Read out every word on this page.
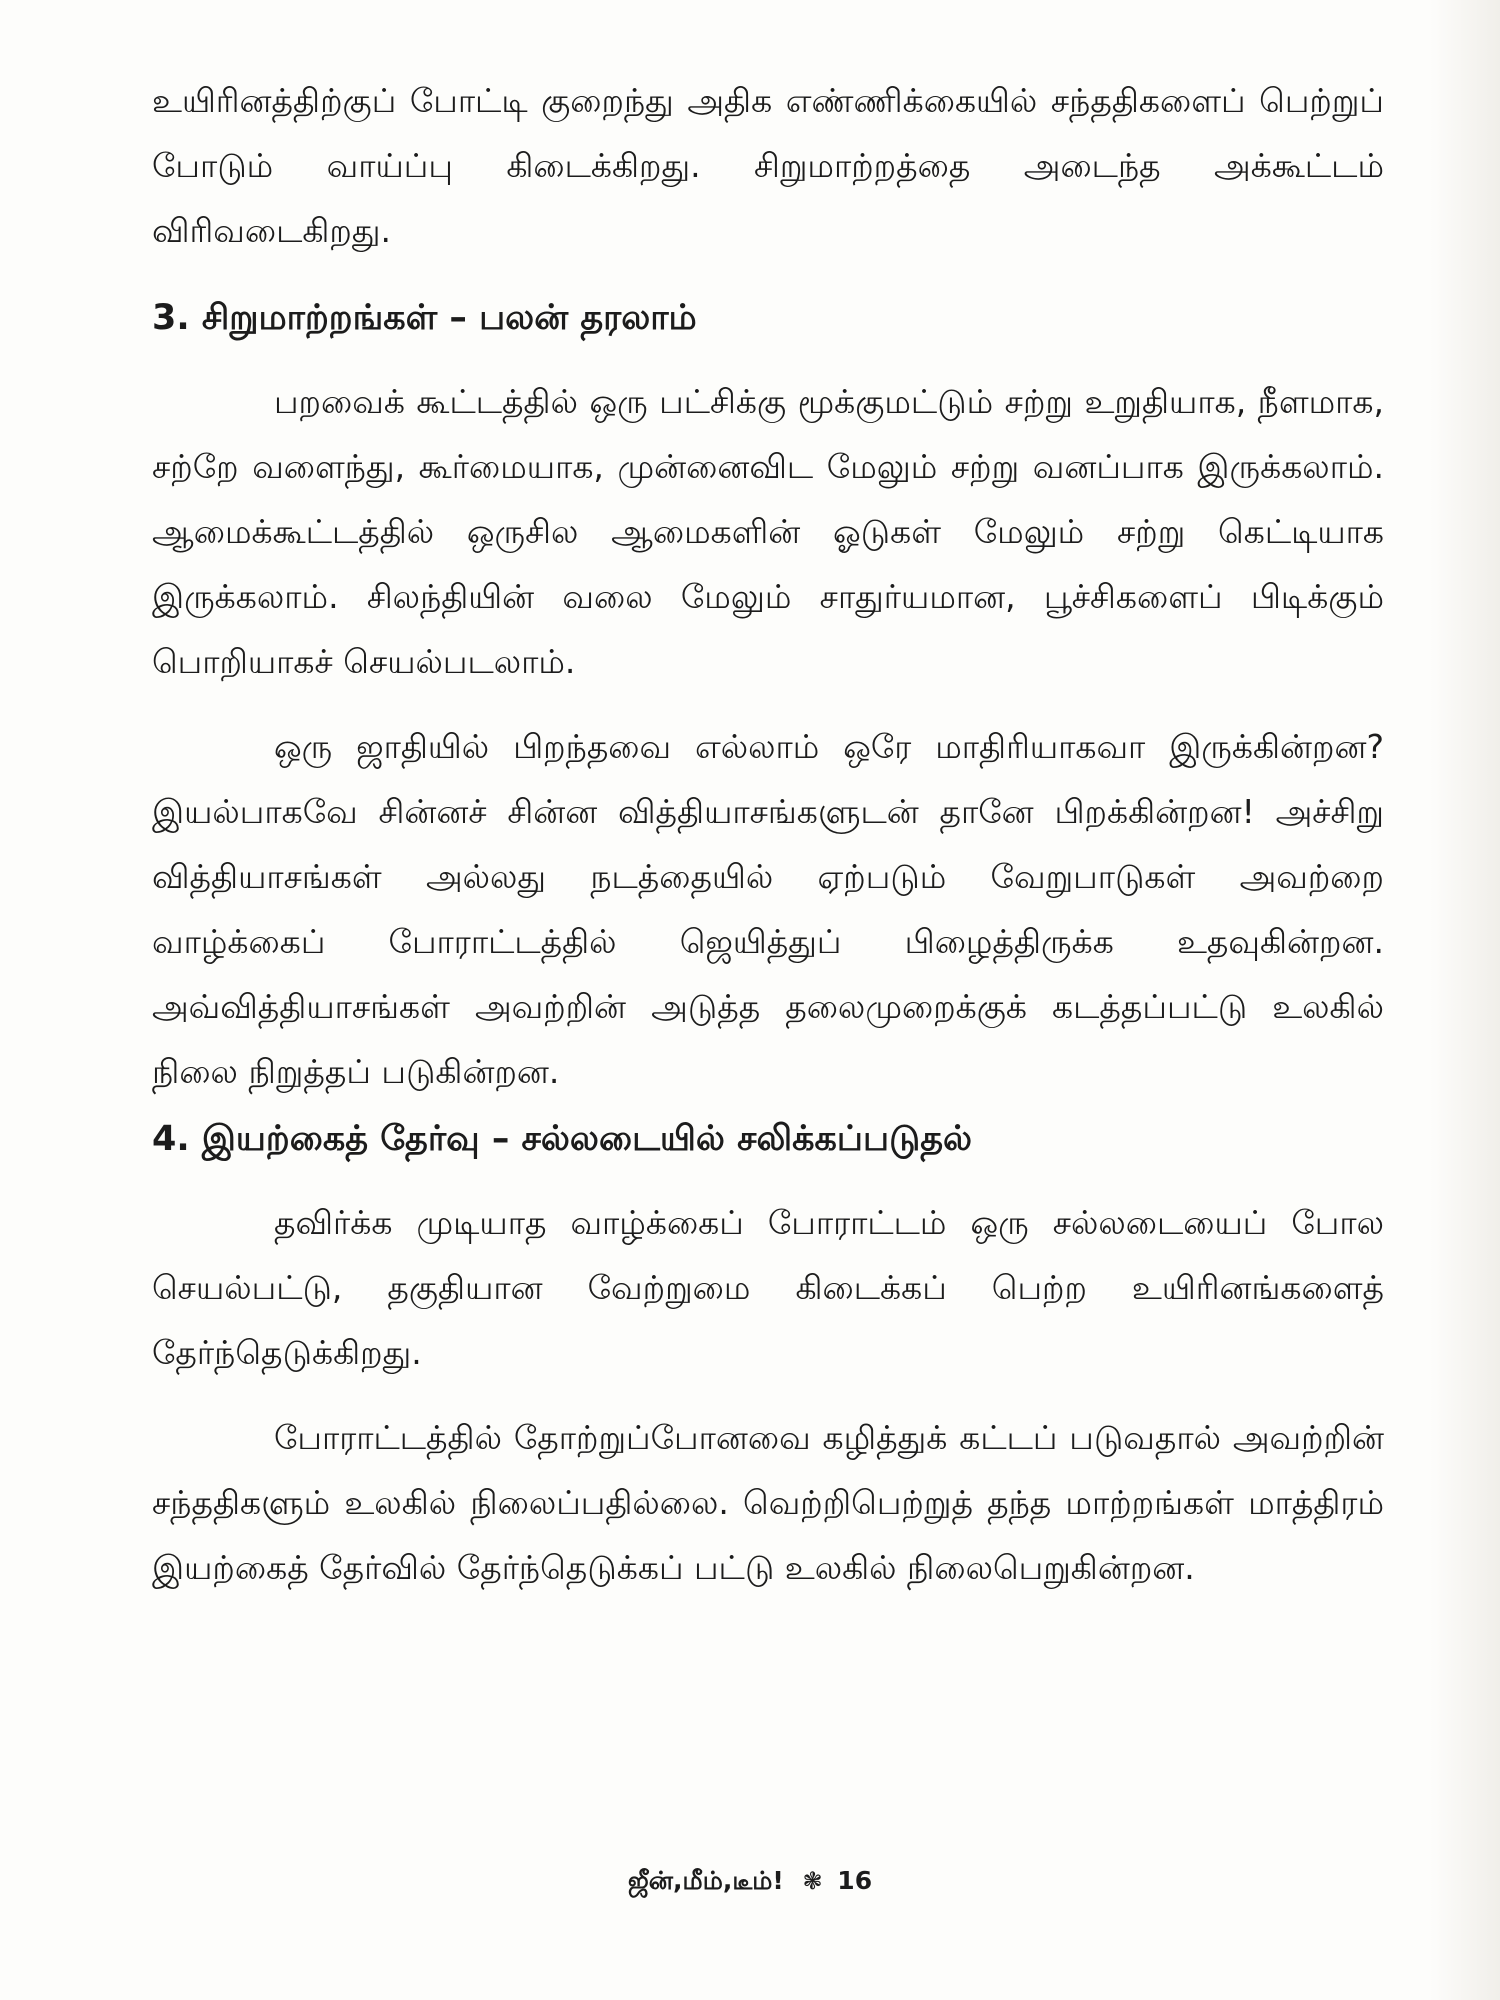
உயிரினத்திற்குப் போட்டி குறைந்து அதிக எண்ணிக்கையில் சந்ததிகளைப் பெற்றுப் போடும் வாய்ப்பு கிடைக்கிறது. சிறுமாற்றத்தை அடைந்த அக்கூட்டம் விரிவடைகிறது.

3. சிறுமாற்றங்கள் – பலன் தரலாம்

பறவைக் கூட்டத்தில் ஒரு பட்சிக்கு மூக்குமட்டும் சற்று உறுதியாக, நீளமாக, சற்றே வளைந்து, கூர்மையாக, முன்னைவிட மேலும் சற்று வனப்பாக இருக்கலாம். ஆமைக்கூட்டத்தில் ஒருசில ஆமைகளின் ஓடுகள் மேலும் சற்று கெட்டியாக இருக்கலாம். சிலந்தியின் வலை மேலும் சாதுர்யமான, பூச்சிகளைப் பிடிக்கும் பொறியாகச் செயல்படலாம்.

ஒரு ஜாதியில் பிறந்தவை எல்லாம் ஒரே மாதிரியாகவா இருக்கின்றன? இயல்பாகவே சின்னச் சின்ன வித்தியாசங்களுடன் தானே பிறக்கின்றன! அச்சிறு வித்தியாசங்கள் அல்லது நடத்தையில் ஏற்படும் வேறுபாடுகள் அவற்றை வாழ்க்கைப் போராட்டத்தில் ஜெயித்துப் பிழைத்திருக்க உதவுகின்றன. அவ்வித்தியாசங்கள் அவற்றின் அடுத்த தலைமுறைக்குக் கடத்தப்பட்டு உலகில் நிலை நிறுத்தப் படுகின்றன.

4. இயற்கைத் தேர்வு – சல்லடையில் சலிக்கப்படுதல்

தவிர்க்க முடியாத வாழ்க்கைப் போராட்டம் ஒரு சல்லடையைப் போல செயல்பட்டு, தகுதியான வேற்றுமை கிடைக்கப் பெற்ற உயிரினங்களைத் தேர்ந்தெடுக்கிறது.

போராட்டத்தில் தோற்றுப்போனவை கழித்துக் கட்டப் படுவதால் அவற்றின் சந்ததிகளும் உலகில் நிலைப்பதில்லை. வெற்றிபெற்றுத் தந்த மாற்றங்கள் மாத்திரம் இயற்கைத் தேர்வில் தேர்ந்தெடுக்கப் பட்டு உலகில் நிலைபெறுகின்றன.

ஜீன்,மீம்,டீம்! ❃ 16
